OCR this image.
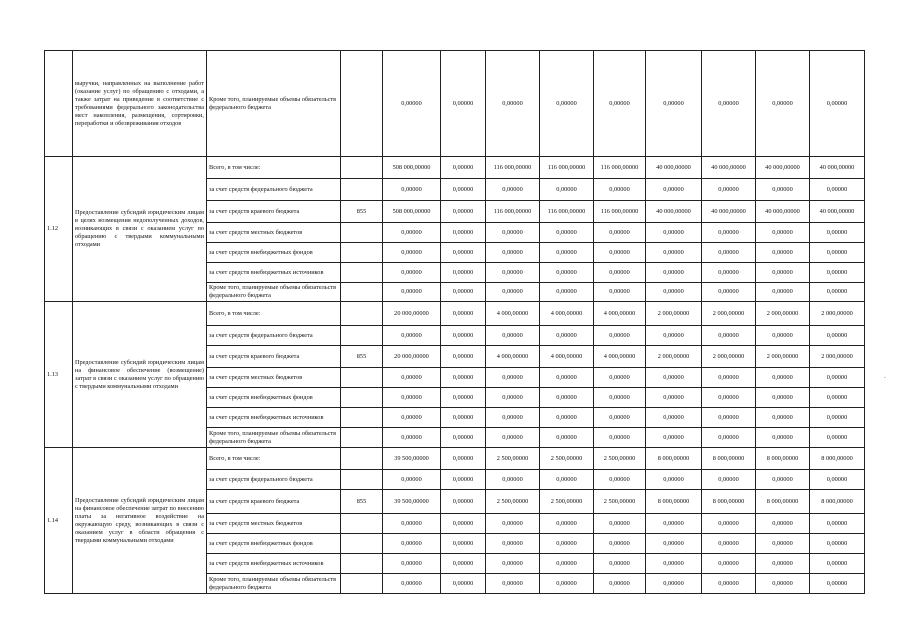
	выручки, направленных на выполнение работ (оказание услуг) по обращению с отходами, а также затрат на приведение в соответствие с требованиями федерального законодательства мест накопления, размещения, сортировки, переработки и обезвреживания отходов	Кроме того, планируемые объемы обязательств федерального бюджета		0,00000	0,00000	0,00000	0,00000	0,00000	0,00000	0,00000	0,00000	0,00000
1.12	Предоставление субсидий юридическим лицам в целях возмещения недополученных доходов, возникающих в связи с оказанием услуг по обращению с твердыми коммунальными отходами	Всего, в том числе:		508 000,00000	0,00000	116 000,00000	116 000,00000	116 000,00000	40 000,00000	40 000,00000	40 000,00000	40 000,00000
		за счет средств федерального бюджета		0,00000	0,00000	0,00000	0,00000	0,00000	0,00000	0,00000	0,00000	0,00000
		за счет средств краевого бюджета	855	508 000,00000	0,00000	116 000,00000	116 000,00000	116 000,00000	40 000,00000	40 000,00000	40 000,00000	40 000,00000
		за счет средств местных бюджетов		0,00000	0,00000	0,00000	0,00000	0,00000	0,00000	0,00000	0,00000	0,00000
		за счет средств внебюджетных фондов		0,00000	0,00000	0,00000	0,00000	0,00000	0,00000	0,00000	0,00000	0,00000
		за счет средств внебюджетных источников		0,00000	0,00000	0,00000	0,00000	0,00000	0,00000	0,00000	0,00000	0,00000
		Кроме того, планируемые объемы обязательств федерального бюджета		0,00000	0,00000	0,00000	0,00000	0,00000	0,00000	0,00000	0,00000	0,00000
1.13	Предоставление субсидий юридическим лицам на финансовое обеспечение (возмещение) затрат в связи с оказанием услуг по обращению с твердыми коммунальными отходами	Всего, в том числе:		20 000,00000	0,00000	4 000,00000	4 000,00000	4 000,00000	2 000,00000	2 000,00000	2 000,00000	2 000,00000
		за счет средств федерального бюджета		0,00000	0,00000	0,00000	0,00000	0,00000	0,00000	0,00000	0,00000	0,00000
		за счет средств краевого бюджета	855	20 000,00000	0,00000	4 000,00000	4 000,00000	4 000,00000	2 000,00000	2 000,00000	2 000,00000	2 000,00000
		за счет средств местных бюджетов		0,00000	0,00000	0,00000	0,00000	0,00000	0,00000	0,00000	0,00000	0,00000
		за счет средств внебюджетных фондов		0,00000	0,00000	0,00000	0,00000	0,00000	0,00000	0,00000	0,00000	0,00000
		за счет средств внебюджетных источников		0,00000	0,00000	0,00000	0,00000	0,00000	0,00000	0,00000	0,00000	0,00000
		Кроме того, планируемые объемы обязательств федерального бюджета		0,00000	0,00000	0,00000	0,00000	0,00000	0,00000	0,00000	0,00000	0,00000
1.14	Предоставление субсидий юридическим лицам на финансовое обеспечение затрат по внесению платы за негативное воздействие на окружающую среду, возникающих в связи с оказанием услуг в области обращения с твердыми коммунальными отходами	Всего, в том числе:		39 500,00000	0,00000	2 500,00000	2 500,00000	2 500,00000	8 000,00000	8 000,00000	8 000,00000	8 000,00000
		за счет средств федерального бюджета		0,00000	0,00000	0,00000	0,00000	0,00000	0,00000	0,00000	0,00000	0,00000
		за счет средств краевого бюджета	855	39 500,00000	0,00000	2 500,00000	2 500,00000	2 500,00000	8 000,00000	8 000,00000	8 000,00000	8 000,00000
		за счет средств местных бюджетов		0,00000	0,00000	0,00000	0,00000	0,00000	0,00000	0,00000	0,00000	0,00000
		за счет средств внебюджетных фондов		0,00000	0,00000	0,00000	0,00000	0,00000	0,00000	0,00000	0,00000	0,00000
		за счет средств внебюджетных источников		0,00000	0,00000	0,00000	0,00000	0,00000	0,00000	0,00000	0,00000	0,00000
		Кроме того, планируемые объемы обязательств федерального бюджета		0,00000	0,00000	0,00000	0,00000	0,00000	0,00000	0,00000	0,00000	0,00000
.
